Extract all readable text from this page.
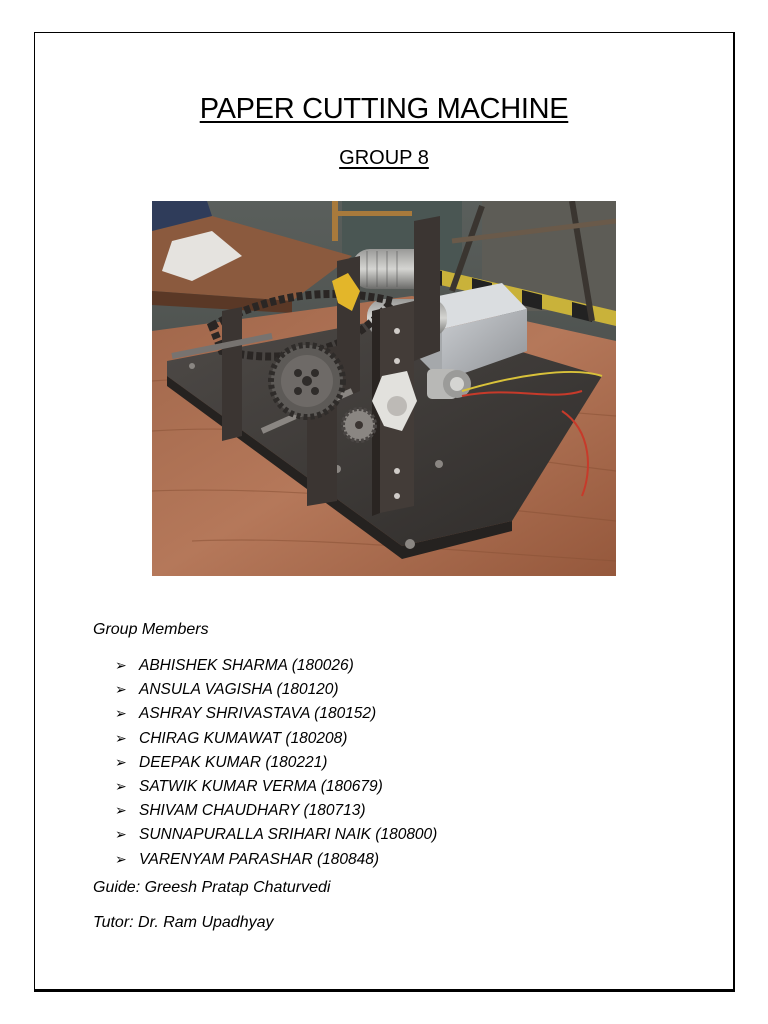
PAPER CUTTING MACHINE
GROUP 8
Group Members
➢ ABHISHEK SHARMA (180026)
➢ ANSULA VAGISHA (180120)
➢ ASHRAY SHRIVASTAVA (180152)
➢ CHIRAG KUMAWAT (180208)
➢ DEEPAK KUMAR (180221)
➢ SATWIK KUMAR VERMA (180679)
➢ SHIVAM CHAUDHARY (180713)
➢ SUNNAPURALLA SRIHARI NAIK (180800)
➢ VARENYAM PARASHAR (180848)
Guide: Greesh Pratap Chaturvedi
Tutor: Dr. Ram Upadhyay
